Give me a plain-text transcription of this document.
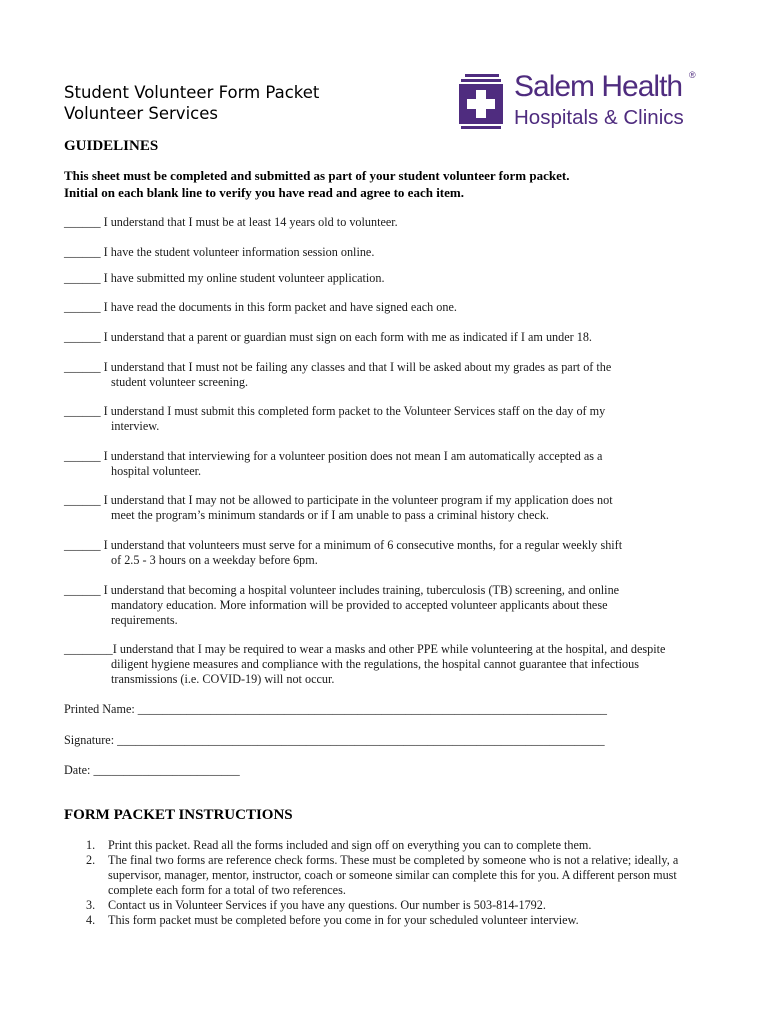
Student Volunteer Form Packet
Volunteer Services
Salem Health ®
Hospitals & Clinics
GUIDELINES

This sheet must be completed and submitted as part of your student volunteer form packet.
Initial on each blank line to verify you have read and agree to each item.

______ I understand that I must be at least 14 years old to volunteer.
______ I have the student volunteer information session online.
______ I have submitted my online student volunteer application.
______ I have read the documents in this form packet and have signed each one.
______ I understand that a parent or guardian must sign on each form with me as indicated if I am under 18.
______ I understand that I must not be failing any classes and that I will be asked about my grades as part of the
student volunteer screening.
______ I understand I must submit this completed form packet to the Volunteer Services staff on the day of my
interview.
______ I understand that interviewing for a volunteer position does not mean I am automatically accepted as a
hospital volunteer.
______ I understand that I may not be allowed to participate in the volunteer program if my application does not
meet the program’s minimum standards or if I am unable to pass a criminal history check.
______ I understand that volunteers must serve for a minimum of 6 consecutive months, for a regular weekly shift
of 2.5 - 3 hours on a weekday before 6pm.
______ I understand that becoming a hospital volunteer includes training, tuberculosis (TB) screening, and online
mandatory education. More information will be provided to accepted volunteer applicants about these
requirements.
________I understand that I may be required to wear a masks and other PPE while volunteering at the hospital, and despite
diligent hygiene measures and compliance with the regulations, the hospital cannot guarantee that infectious
transmissions (i.e. COVID-19) will not occur.
Printed Name: _____________________________________________________________________________
Signature: ________________________________________________________________________________
Date: ________________________
FORM PACKET INSTRUCTIONS
1. Print this packet. Read all the forms included and sign off on everything you can to complete them.
2. The final two forms are reference check forms. These must be completed by someone who is not a relative; ideally, a
supervisor, manager, mentor, instructor, coach or someone similar can complete this for you. A different person must
complete each form for a total of two references.
3. Contact us in Volunteer Services if you have any questions. Our number is 503-814-1792.
4. This form packet must be completed before you come in for your scheduled volunteer interview.
